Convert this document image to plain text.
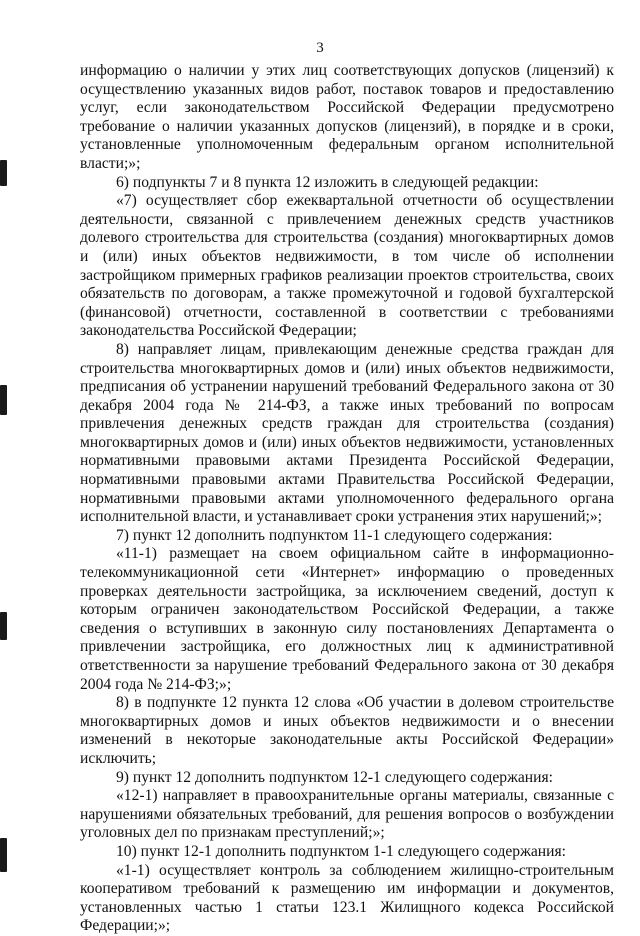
3

информацию о наличии у этих лиц соответствующих допусков (лицензий) к осуществлению указанных видов работ, поставок товаров и предоставлению услуг, если законодательством Российской Федерации предусмотрено требование о наличии указанных допусков (лицензий), в порядке и в сроки, установленные уполномоченным федеральным органом исполнительной власти;»;

6) подпункты 7 и 8 пункта 12 изложить в следующей редакции:

«7) осуществляет сбор ежеквартальной отчетности об осуществлении деятельности, связанной с привлечением денежных средств участников долевого строительства для строительства (создания) многоквартирных домов и (или) иных объектов недвижимости, в том числе об исполнении застройщиком примерных графиков реализации проектов строительства, своих обязательств по договорам, а также промежуточной и годовой бухгалтерской (финансовой) отчетности, составленной в соответствии с требованиями законодательства Российской Федерации;

8) направляет лицам, привлекающим денежные средства граждан для строительства многоквартирных домов и (или) иных объектов недвижимости, предписания об устранении нарушений требований Федерального закона от 30 декабря 2004 года № 214-ФЗ, а также иных требований по вопросам привлечения денежных средств граждан для строительства (создания) многоквартирных домов и (или) иных объектов недвижимости, установленных нормативными правовыми актами Президента Российской Федерации, нормативными правовыми актами Правительства Российской Федерации, нормативными правовыми актами уполномоченного федерального органа исполнительной власти, и устанавливает сроки устранения этих нарушений;»;

7) пункт 12 дополнить подпунктом 11-1 следующего содержания:

«11-1) размещает на своем официальном сайте в информационно-телекоммуникационной сети «Интернет» информацию о проведенных проверках деятельности застройщика, за исключением сведений, доступ к которым ограничен законодательством Российской Федерации, а также сведения о вступивших в законную силу постановлениях Департамента о привлечении застройщика, его должностных лиц к административной ответственности за нарушение требований Федерального закона от 30 декабря 2004 года № 214-ФЗ;»;

8) в подпункте 12 пункта 12 слова «Об участии в долевом строительстве многоквартирных домов и иных объектов недвижимости и о внесении изменений в некоторые законодательные акты Российской Федерации» исключить;

9) пункт 12 дополнить подпунктом 12-1 следующего содержания:

«12-1) направляет в правоохранительные органы материалы, связанные с нарушениями обязательных требований, для решения вопросов о возбуждении уголовных дел по признакам преступлений;»;

10) пункт 12-1 дополнить подпунктом 1-1 следующего содержания:

«1-1) осуществляет контроль за соблюдением жилищно-строительным кооперативом требований к размещению им информации и документов, установленных частью 1 статьи 123.1 Жилищного кодекса Российской Федерации;»;
